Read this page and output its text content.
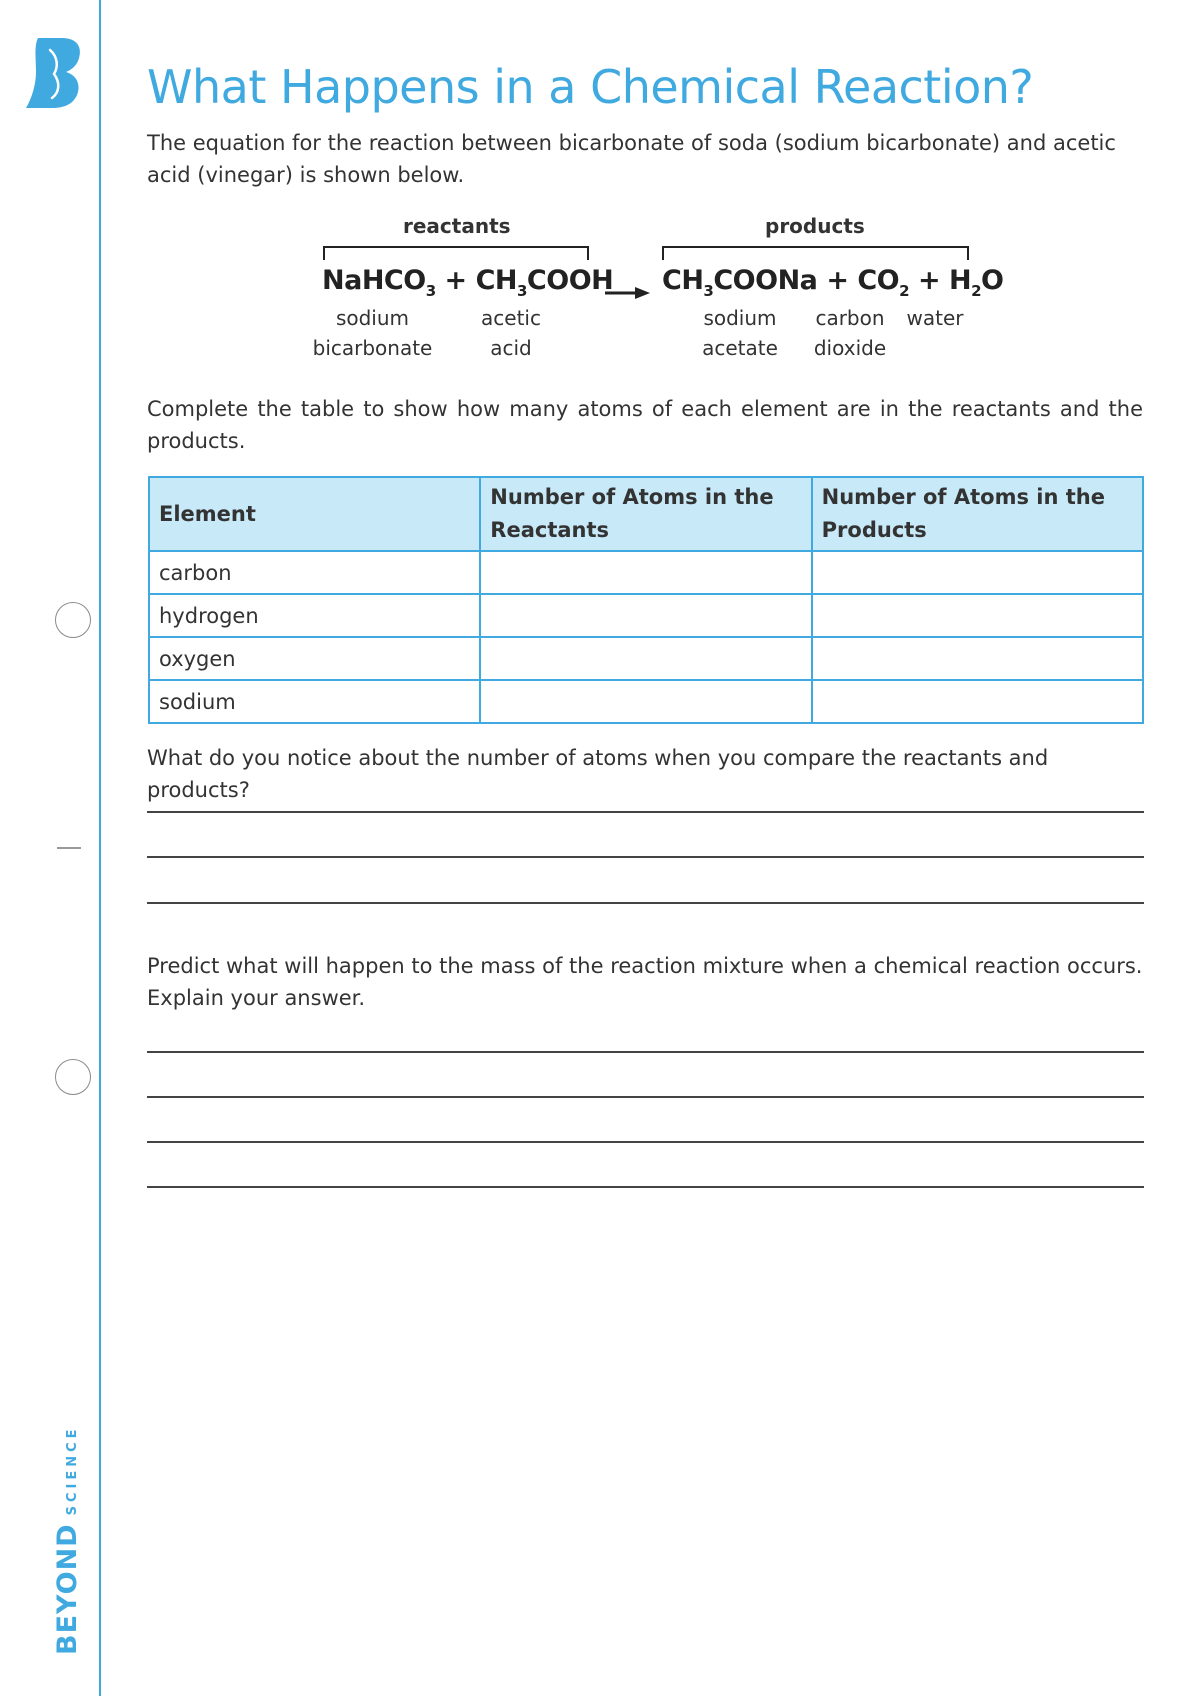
BEYONDSCIENCE
What Happens in a Chemical Reaction?

The equation for the reaction between bicarbonate of soda (sodium bicarbonate) and acetic acid (vinegar) is shown below.

reactants	products
NaHCO$_3$ + $CH_3COOH$ → $CH_3COONa + CO_2 + H_2O$
sodium
bicarbonate
acetic
acid
sodium
acetate
carbon
dioxide
water

Complete the table to show how many atoms of each element are in the reactants and the products.

Element	Number of Atoms in the Reactants	Number of Atoms in the Products
carbon		
hydrogen		
oxygen		
sodium		

What do you notice about the number of atoms when you compare the reactants and products?

Predict what will happen to the mass of the reaction mixture when a chemical reaction occurs. Explain your answer.
